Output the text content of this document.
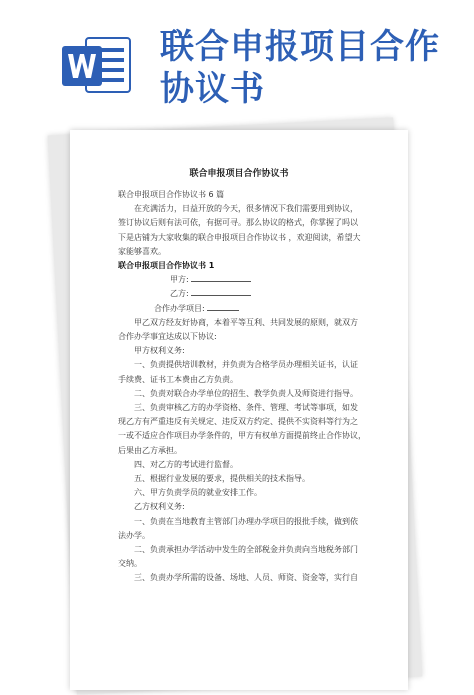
联合申报项目合作协议书
联合申报项目合作协议书
联合申报项目合作协议书 6 篇
在充满活力，日益开放的今天，很多情况下我们需要用到协议，
签订协议后则有法可依，有据可寻。那么协议的格式，你掌握了吗以
下是店铺为大家收集的联合申报项目合作协议书 ，欢迎阅读，希望大
家能够喜欢。
联合申报项目合作协议书 1
甲方:
乙方:
合作办学项目:
甲乙双方经友好协商，本着平等互利、共同发展的原则，就双方
合作办学事宜达成以下协议:
甲方权利义务:
一、负责提供培训教材，并负责为合格学员办理相关证书，认证
手续费、证书工本费由乙方负责。
二、负责对联合办学单位的招生、教学负责人及师资进行指导。
三、负责审核乙方的办学资格、条件、管理、考试等事项，如发
现乙方有严重违反有关规定、违反双方约定、提供不实资料等行为之
一或不适应合作项目办学条件的，甲方有权单方面提前终止合作协议，
后果由乙方承担。
四、对乙方的考试进行监督。
五、根据行业发展的要求，提供相关的技术指导。
六、甲方负责学员的就业安排工作。
乙方权利义务:
一、负责在当地教育主管部门办理办学项目的报批手续，做到依
法办学。
二、负责承担办学活动中发生的全部税金并负责向当地税务部门
交纳。
三、负责办学所需的设备、场地、人员、师资、资金等，实行自
